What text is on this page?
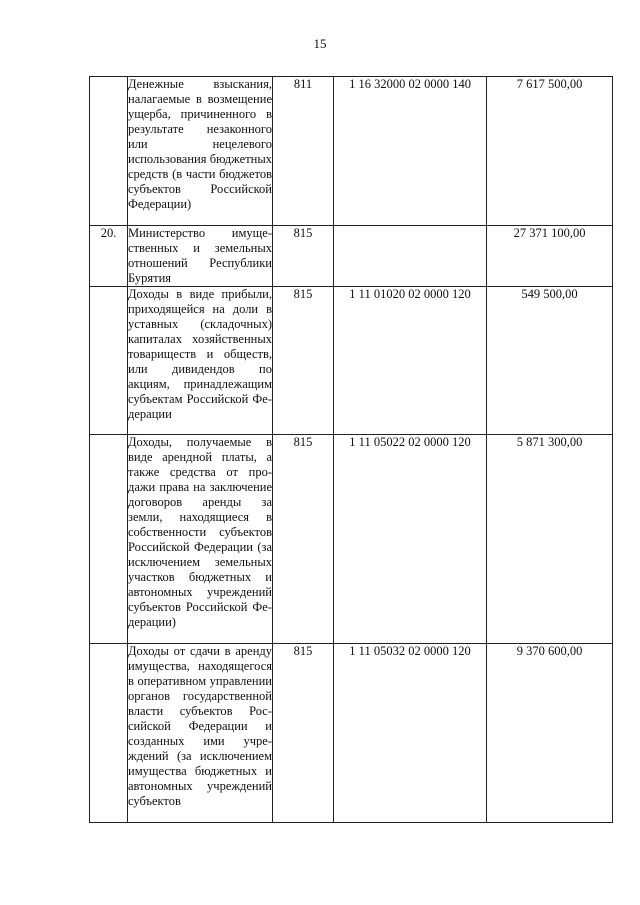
15
	Денежные взыскания, налагаемые в возмещение ущерба, причиненного в результате незаконного или нецелевого использования бюджетных средств (в части бюджетов субъектов Российской Федерации)	811	1 16 32000 02 0000 140	7 617 500,00
20.	Министерство имущественных и земельных отношений Республики Бурятия	815		27 371 100,00
	Доходы в виде прибыли, приходящейся на доли в уставных (складочных) капиталах хозяйственных товариществ и обществ, или дивидендов по акциям, принадлежащим субъектам Российской Федерации	815	1 11 01020 02 0000 120	549 500,00
	Доходы, получаемые в виде арендной платы, а также средства от продажи права на заключение договоров аренды за земли, находящиеся в собственности субъектов Российской Федерации (за исключением земельных участков бюджетных и автономных учреждений субъектов Российской Федерации)	815	1 11 05022 02 0000 120	5 871 300,00
	Доходы от сдачи в аренду имущества, находящегося в оперативном управлении органов государственной власти субъектов Российской Федерации и созданных ими учреждений (за исключением имущества бюджетных и автономных учреждений субъектов	815	1 11 05032 02 0000 120	9 370 600,00
